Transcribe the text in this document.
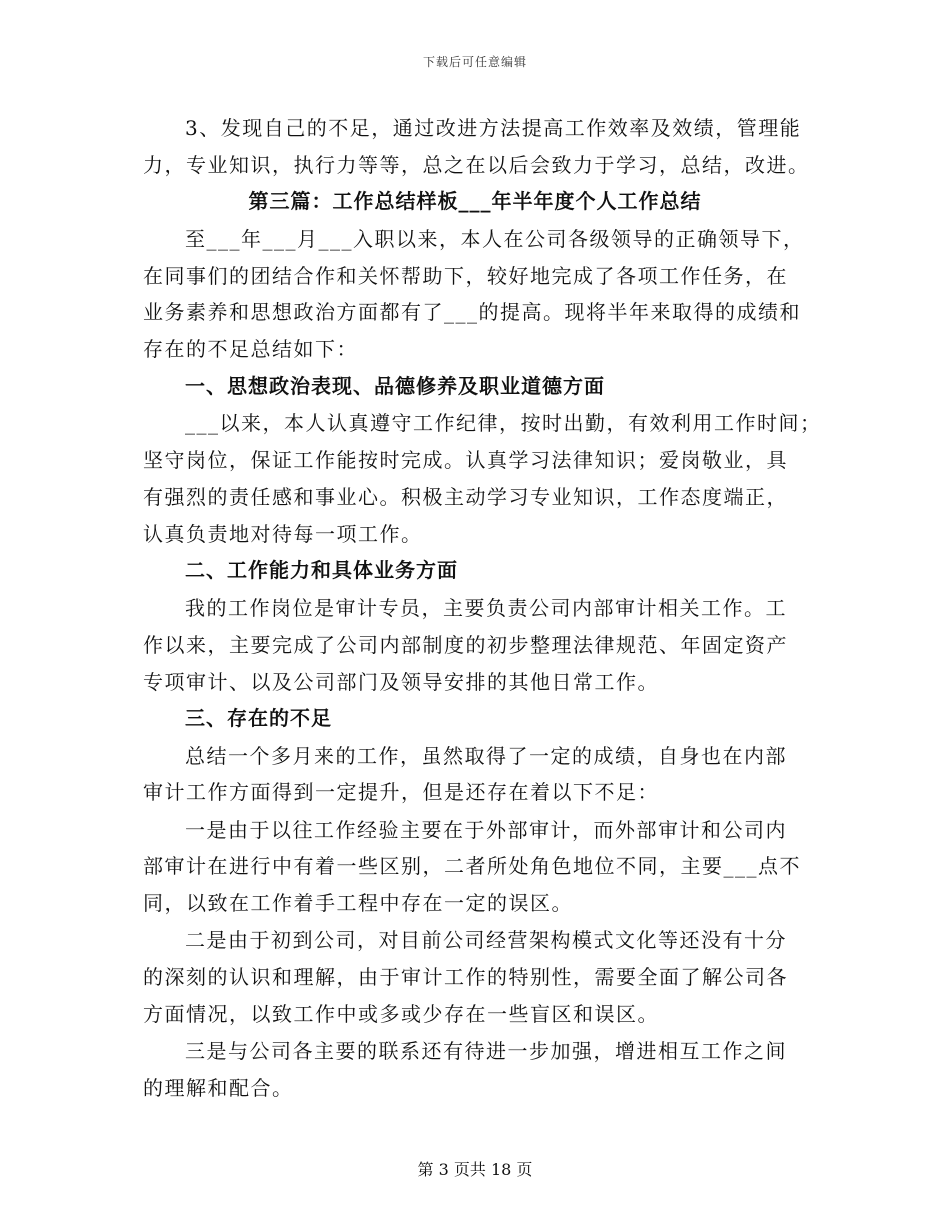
下载后可任意编辑
3、发现自己的不足，通过改进方法提高工作效率及效绩，管理能
力，专业知识，执行力等等，总之在以后会致力于学习，总结，改进。
第三篇：工作总结样板___年半年度个人工作总结
至___年___月___入职以来，本人在公司各级领导的正确领导下，
在同事们的团结合作和关怀帮助下，较好地完成了各项工作任务，在
业务素养和思想政治方面都有了___的提高。现将半年来取得的成绩和
存在的不足总结如下：
一、思想政治表现、品德修养及职业道德方面
___以来，本人认真遵守工作纪律，按时出勤，有效利用工作时间；
坚守岗位，保证工作能按时完成。认真学习法律知识；爱岗敬业，具
有强烈的责任感和事业心。积极主动学习专业知识，工作态度端正，
认真负责地对待每一项工作。
二、工作能力和具体业务方面
我的工作岗位是审计专员，主要负责公司内部审计相关工作。工
作以来，主要完成了公司内部制度的初步整理法律规范、年固定资产
专项审计、以及公司部门及领导安排的其他日常工作。
三、存在的不足
总结一个多月来的工作，虽然取得了一定的成绩，自身也在内部
审计工作方面得到一定提升，但是还存在着以下不足：
一是由于以往工作经验主要在于外部审计，而外部审计和公司内
部审计在进行中有着一些区别，二者所处角色地位不同，主要___点不
同，以致在工作着手工程中存在一定的误区。
二是由于初到公司，对目前公司经营架构模式文化等还没有十分
的深刻的认识和理解，由于审计工作的特别性，需要全面了解公司各
方面情况，以致工作中或多或少存在一些盲区和误区。
三是与公司各主要的联系还有待进一步加强，增进相互工作之间
的理解和配合。
第 3 页共 18 页
